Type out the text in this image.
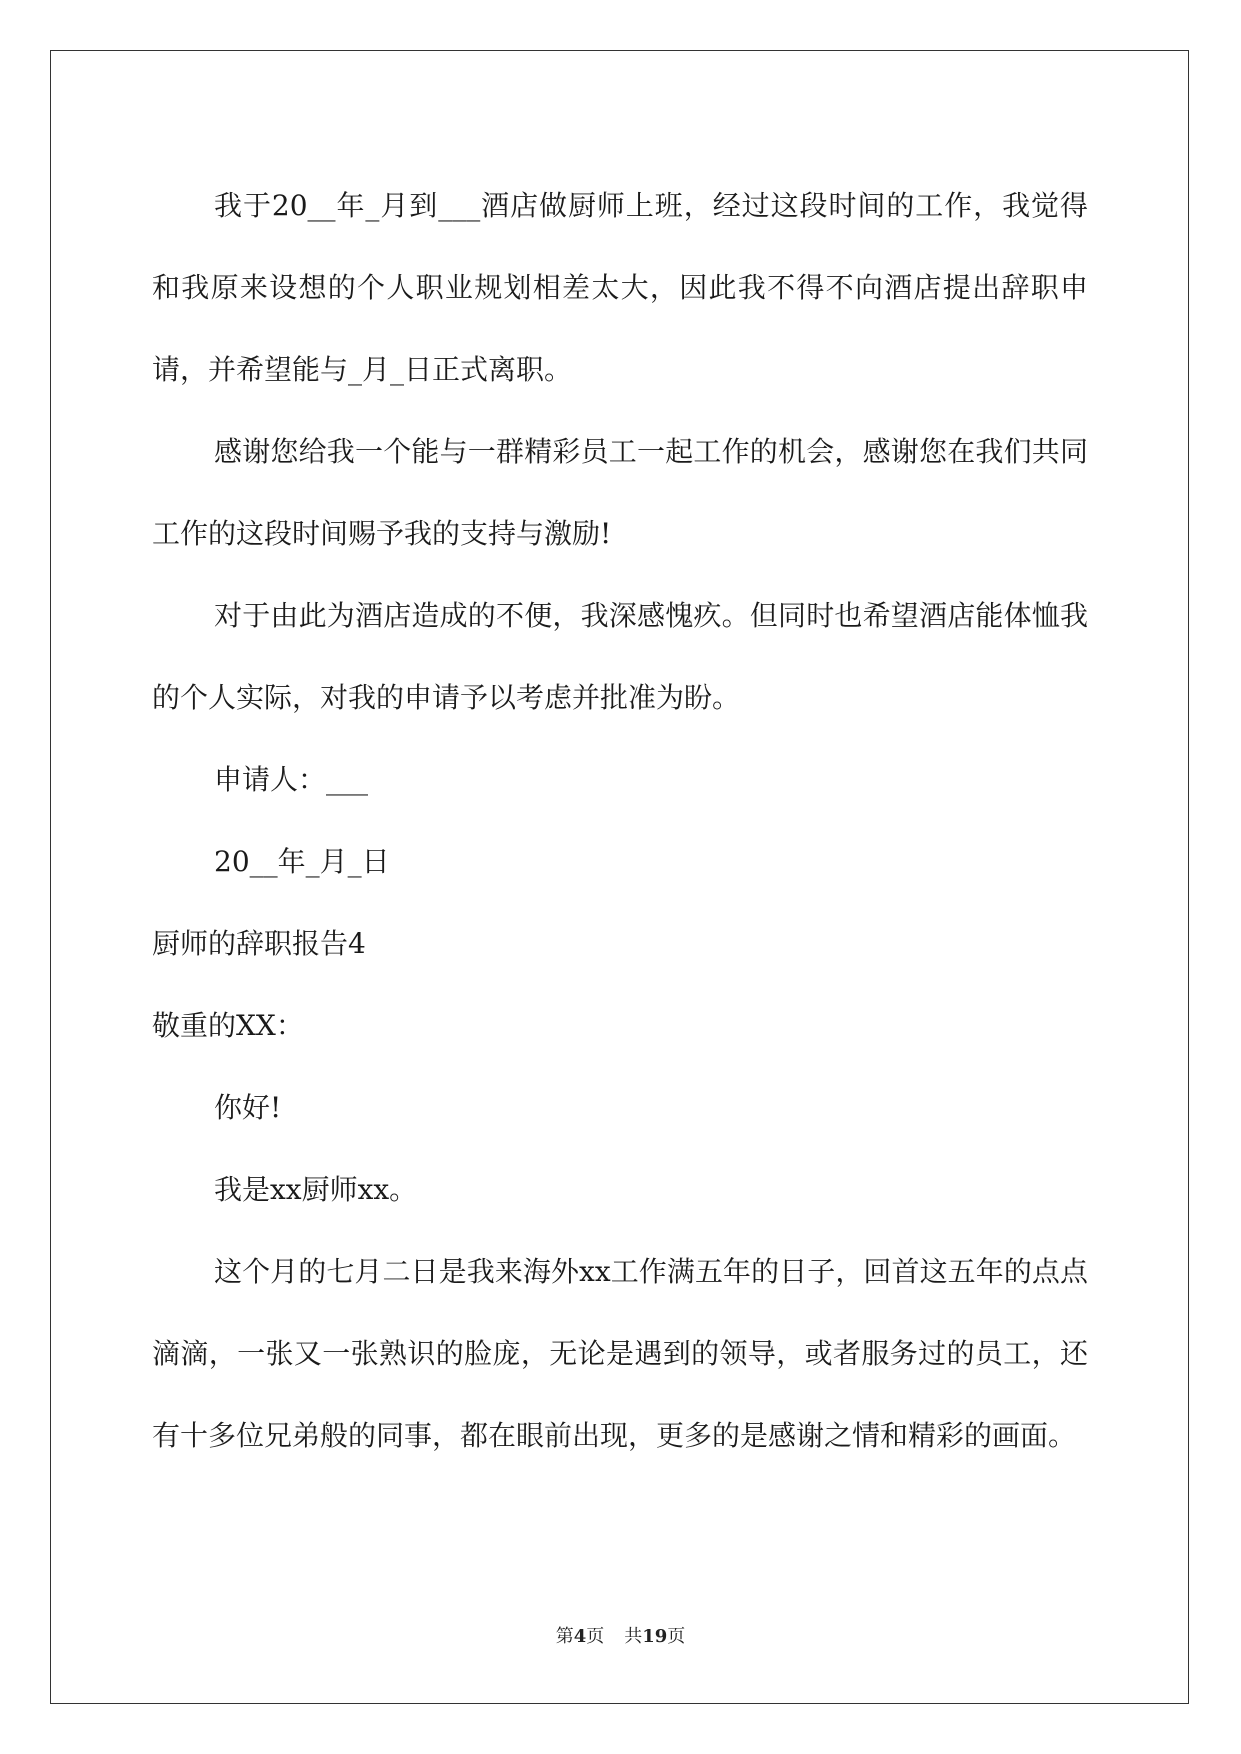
我于20__年_月到___酒店做厨师上班，经过这段时间的工作，我觉得和我原来设想的个人职业规划相差太大，因此我不得不向酒店提出辞职申请，并希望能与_月_日正式离职。

感谢您给我一个能与一群精彩员工一起工作的机会，感谢您在我们共同工作的这段时间赐予我的支持与激励!

对于由此为酒店造成的不便，我深感愧疚。但同时也希望酒店能体恤我的个人实际，对我的申请予以考虑并批准为盼。

申请人：___

20__年_月_日

厨师的辞职报告4

敬重的XX：

你好!

我是xx厨师xx。

这个月的七月二日是我来海外xx工作满五年的日子，回首这五年的点点滴滴，一张又一张熟识的脸庞，无论是遇到的领导，或者服务过的员工，还有十多位兄弟般的同事，都在眼前出现，更多的是感谢之情和精彩的画面。

第4页 共19页
